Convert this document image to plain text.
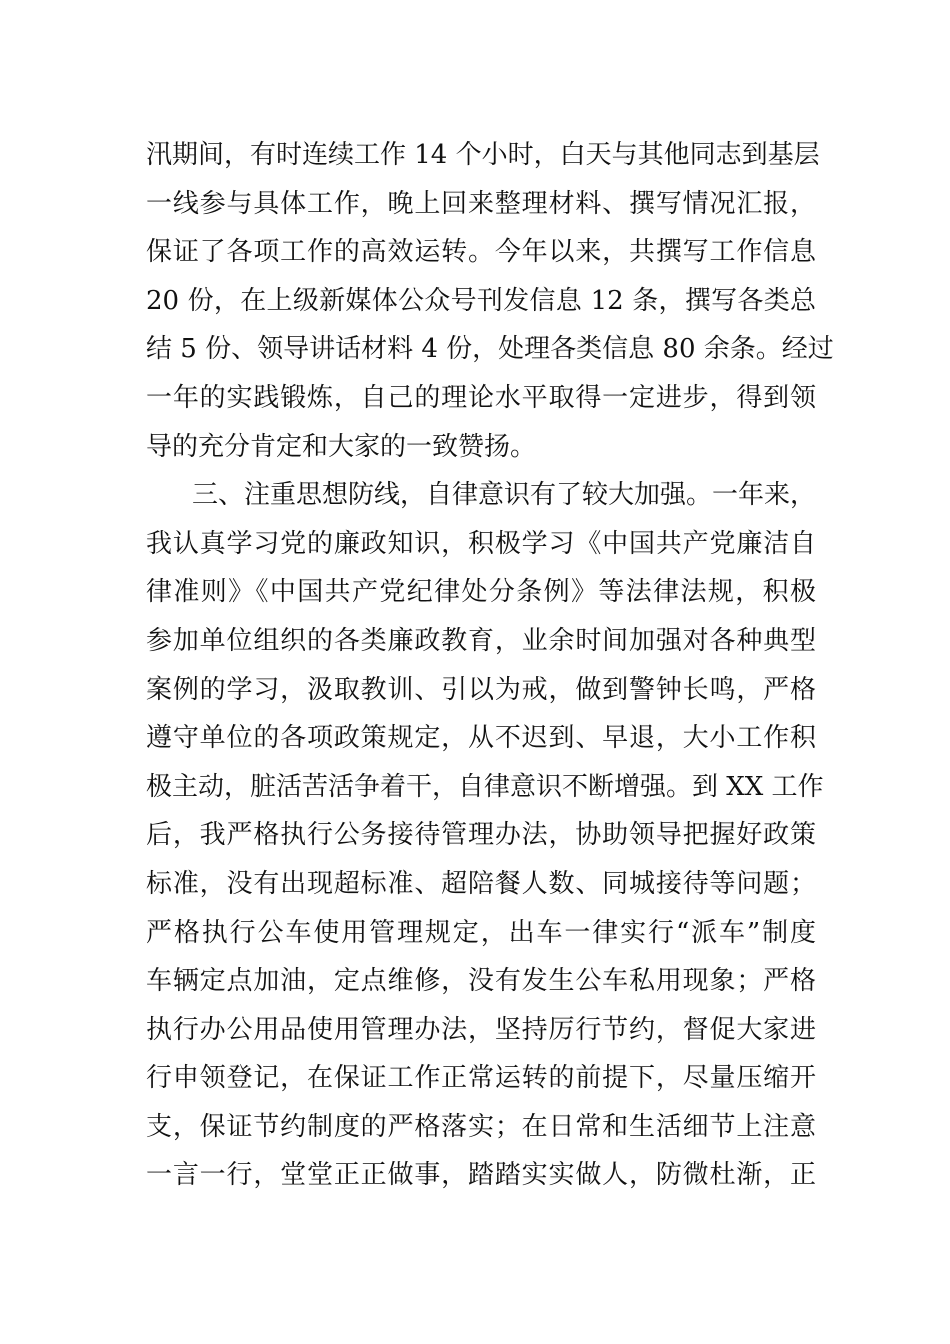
汛期间，有时连续工作 14 个小时，白天与其他同志到基层
一线参与具体工作，晚上回来整理材料、撰写情况汇报，
保证了各项工作的高效运转。今年以来，共撰写工作信息
20 份，在上级新媒体公众号刊发信息 12 条，撰写各类总
结 5 份、领导讲话材料 4 份，处理各类信息 80 余条。经过
一年的实践锻炼，自己的理论水平取得一定进步，得到领
导的充分肯定和大家的一致赞扬。
三、注重思想防线，自律意识有了较大加强。一年来，
我认真学习党的廉政知识，积极学习《中国共产党廉洁自
律准则》《中国共产党纪律处分条例》等法律法规，积极
参加单位组织的各类廉政教育，业余时间加强对各种典型
案例的学习，汲取教训、引以为戒，做到警钟长鸣，严格
遵守单位的各项政策规定，从不迟到、早退，大小工作积
极主动，脏活苦活争着干，自律意识不断增强。到 XX 工作
后，我严格执行公务接待管理办法，协助领导把握好政策
标准，没有出现超标准、超陪餐人数、同城接待等问题；
严格执行公车使用管理规定，出车一律实行“派车”制度
车辆定点加油，定点维修，没有发生公车私用现象；严格
执行办公用品使用管理办法，坚持厉行节约，督促大家进
行申领登记，在保证工作正常运转的前提下，尽量压缩开
支，保证节约制度的严格落实；在日常和生活细节上注意
一言一行，堂堂正正做事，踏踏实实做人，防微杜渐，正
